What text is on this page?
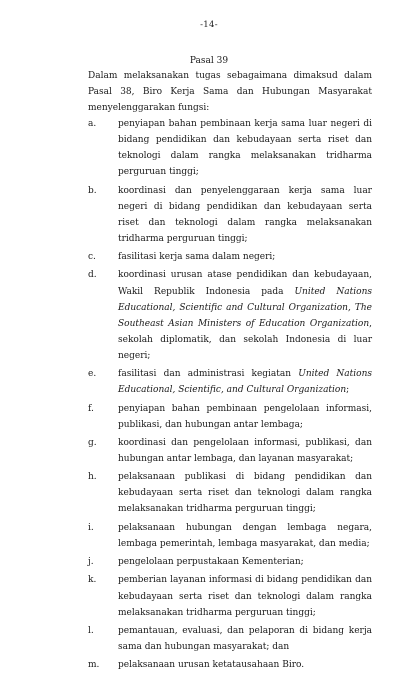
-14-
Pasal 39
Dalam melaksanakan tugas sebagaimana dimaksud dalam Pasal 38, Biro Kerja Sama dan Hubungan Masyarakat menyelenggarakan fungsi:
a.	penyiapan bahan pembinaan kerja sama luar negeri di bidang pendidikan dan kebudayaan serta riset dan teknologi dalam rangka melaksanakan tridharma perguruan tinggi;
b.	koordinasi dan penyelenggaraan kerja sama luar negeri di bidang pendidikan dan kebudayaan serta riset dan teknologi dalam rangka melaksanakan tridharma perguruan tinggi;
c.	fasilitasi kerja sama dalam negeri;
d.	koordinasi urusan atase pendidikan dan kebudayaan, Wakil Republik Indonesia pada United Nations Educational, Scientific and Cultural Organization, The Southeast Asian Ministers of Education Organization, sekolah diplomatik, dan sekolah Indonesia di luar negeri;
e.	fasilitasi dan administrasi kegiatan United Nations Educational, Scientific, and Cultural Organization;
f.	penyiapan bahan pembinaan pengelolaan informasi, publikasi, dan hubungan antar lembaga;
g.	koordinasi dan pengelolaan informasi, publikasi, dan hubungan antar lembaga, dan layanan masyarakat;
h.	pelaksanaan publikasi di bidang pendidikan dan kebudayaan serta riset dan teknologi dalam rangka melaksanakan tridharma perguruan tinggi;
i.	pelaksanaan hubungan dengan lembaga negara, lembaga pemerintah, lembaga masyarakat, dan media;
j.	pengelolaan perpustakaan Kementerian;
k.	pemberian layanan informasi di bidang pendidikan dan kebudayaan serta riset dan teknologi dalam rangka melaksanakan tridharma perguruan tinggi;
l.	pemantauan, evaluasi, dan pelaporan di bidang kerja sama dan hubungan masyarakat; dan
m.	pelaksanaan urusan ketatausahaan Biro.
